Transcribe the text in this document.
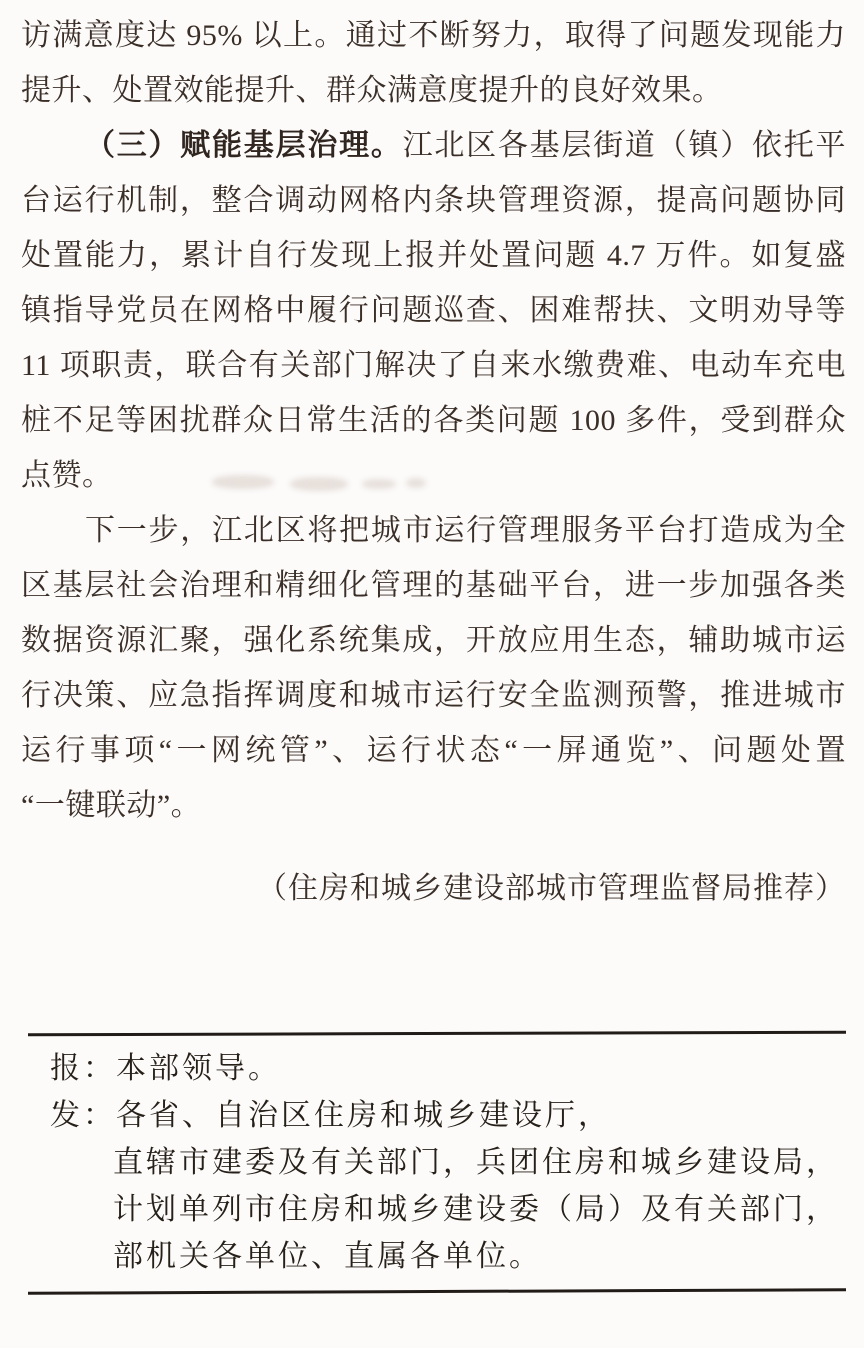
访满意度达 95% 以上。通过不断努力，取得了问题发现能力
提升、处置效能提升、群众满意度提升的良好效果。
（三）赋能基层治理。江北区各基层街道（镇）依托平
台运行机制，整合调动网格内条块管理资源，提高问题协同
处置能力，累计自行发现上报并处置问题 4.7 万件。如复盛
镇指导党员在网格中履行问题巡查、困难帮扶、文明劝导等
11 项职责，联合有关部门解决了自来水缴费难、电动车充电
桩不足等困扰群众日常生活的各类问题 100 多件，受到群众
点赞。
下一步，江北区将把城市运行管理服务平台打造成为全
区基层社会治理和精细化管理的基础平台，进一步加强各类
数据资源汇聚，强化系统集成，开放应用生态，辅助城市运
行决策、应急指挥调度和城市运行安全监测预警，推进城市
运行事项“一网统管”、运行状态“一屏通览”、问题处置
“一键联动”。
（住房和城乡建设部城市管理监督局推荐）
报： 本部领导。
发： 各省、自治区住房和城乡建设厅，
直辖市建委及有关部门，兵团住房和城乡建设局，
计划单列市住房和城乡建设委（局）及有关部门，
部机关各单位、直属各单位。
